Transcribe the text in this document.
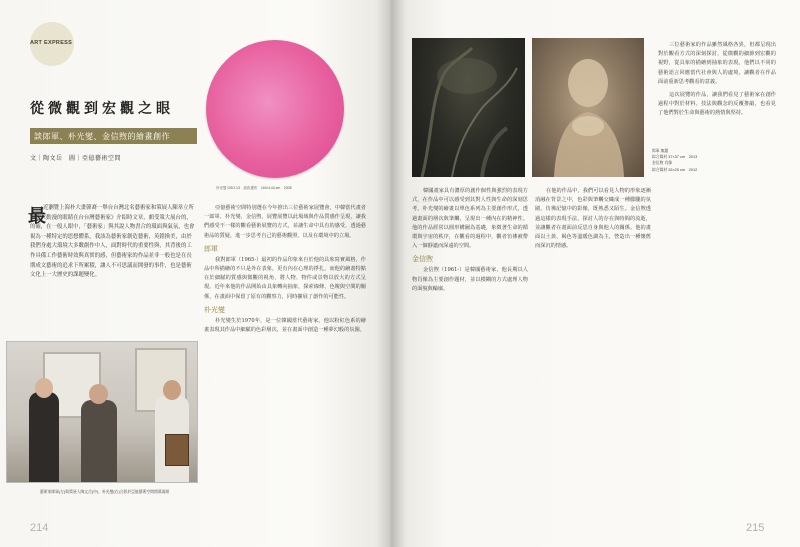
ART EXPRESS
從微觀到宏觀之眼
談郎軍、朴光燮、金信煦的繪畫創作
文｜陶文岳　圖｜亞億藝術空間
朴光燮 DSO.13　油彩畫布　160×144 cm　2008
最
近瀏覽上海朴大畫韓裔一舉台台灣北名藝術家和策展人陳韋立所寫的《動漫的眼睛在台台灣藝術家》介紹時文章，頗受策大展台的，的確，在一般人眼中，「藝術家」與其說人物書合的環面與氣氛，也會視為一種特定的思想體系，我該為藝術家創造藝術，英錯換美，由於我們身處大環境大多數創作中人，面對時代的重要性與，其背後的工作具備工作藝術時效與真實的感，但藝術家的作品並非一般也是在長期成文藝術的追求下所累積，讓人不可思議而開發的事件，也是藝術文化上一大歷史的課題變化。
亞億藝術空間特別選在今年推出三位藝術家展覽會，中韓當代畫者一郎軍、朴光燮、金信煦，展覽展覽以此場域與作品質感作呈現，讓我們感受不一樣的觀看藝術展覽的方式，並讓生命中具有的感受，透過藝術品的質疑，進一步思考自己的藝術觀照，以及在環境中的立場。
郎軍
我對郎軍（1965-）最初的作品印象來自於他的具象寫實風格，作品中所描繪的不只是外在表象，更有內在心理的掙扎，而他的繪畫特點在於細膩的質感與微觀的視角，將人物、物件或景物以放大的方式呈現。近年來他的作品開始由具象轉向抽象，探索線條、色塊與空間的關係，在畫面中保留了原有的觀察力，同時擴展了創作的可能性。
朴光燮
朴光燮生於1970年，是一位韓國當代藝術家，他以粉紅色系的繪畫表現其作品中細膩的色彩層次，並在畫面中創造一種夢幻般的氛圍。
藝術家郎軍(左)與策展人陶文岳(中)、朴光燮(右)合影於亞億藝術空間開幕現場
214
郎軍 無題
綜合媒材 37×37 cm　2013
金信煦 肖像
綜合媒材 26×25 cm　2012
韓國畫家具有濃厚的創作個性與強烈的表現方式，在作品中可以感受到其對人性與生命的深刻思考。朴光燮的繪畫以單色系列為主要創作形式，透過畫面的層次與筆觸，呈現出一種內在的精神性。他的作品經常以圓形構圖為基礎，象徵著生命的循環與宇宙的秩序，在觀看的過程中，觀者彷彿被帶入一個靜謐而深遠的空間。
金信煦
金信煦（1961-）是韓國藝術家，他長期以人物肖像為主要創作題材，並以模糊的方式處理人物的面貌與輪廓。
在他的作品中，我們可以看見人物的形象逐漸消融在背景之中，色彩與筆觸交織成一種朦朧的氛圍，彷彿記憶中的影像，既熟悉又陌生。金信煦透過這樣的表現手法，探討人的存在與時間的流逝，並讓觀者在畫面前反思自身與他人的關係。他的畫面以土黃、褐色等溫暖色調為主，營造出一種懷舊而深沉的情感。
三位藝術家的作品雖然風格各異，但都呈現出對於觀看方式的深刻探討，從微觀的細節到宏觀的視野，從具象的描繪到抽象的表現，他們以不同的藝術語言回應當代社會與人的處境，讓觀者在作品面前重新思考觀看的意義。
這次展覽的作品，讓我們看見了藝術家在創作過程中對於材料、技法與觀念的反覆推敲，也看見了他們對於生命與藝術的熱情與堅持。
215
